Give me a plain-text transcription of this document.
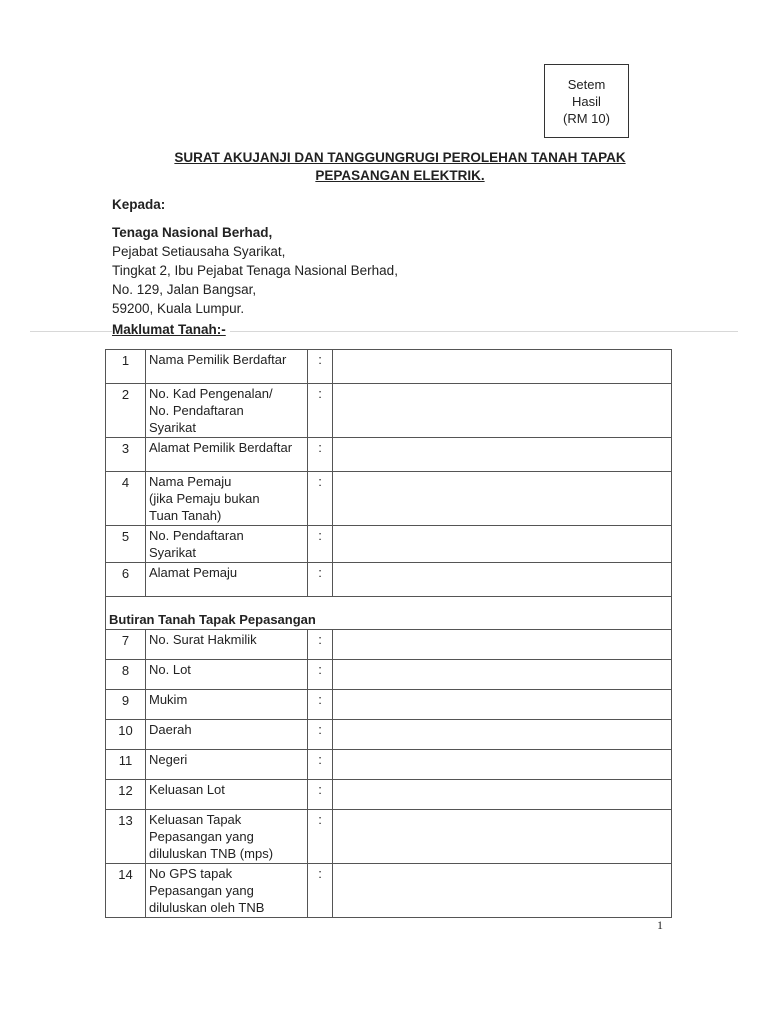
Setem
Hasil
(RM 10)
SURAT AKUJANJI DAN TANGGUNGRUGI PEROLEHAN TANAH TAPAK
PEPASANGAN ELEKTRIK.
Kepada:
Tenaga Nasional Berhad,
Pejabat Setiausaha Syarikat,
Tingkat 2, Ibu Pejabat Tenaga Nasional Berhad,
No. 129, Jalan Bangsar,
59200, Kuala Lumpur.
Maklumat Tanah:-
1	Nama Pemilik Berdaftar	:	
2	No. Kad Pengenalan/
No. Pendaftaran
Syarikat	:	
3	Alamat Pemilik Berdaftar	:	
4	Nama Pemaju
(jika Pemaju bukan
Tuan Tanah)	:	
5	No. Pendaftaran
Syarikat	:	
6	Alamat Pemaju	:	
Butiran Tanah Tapak Pepasangan			
7	No. Surat Hakmilik	:	
8	No. Lot	:	
9	Mukim	:	
10	Daerah	:	
11	Negeri	:	
12	Keluasan Lot	:	
13	Keluasan Tapak
Pepasangan yang
diluluskan TNB (mps)	:	
14	No GPS tapak
Pepasangan yang
diluluskan oleh TNB	:	
1
